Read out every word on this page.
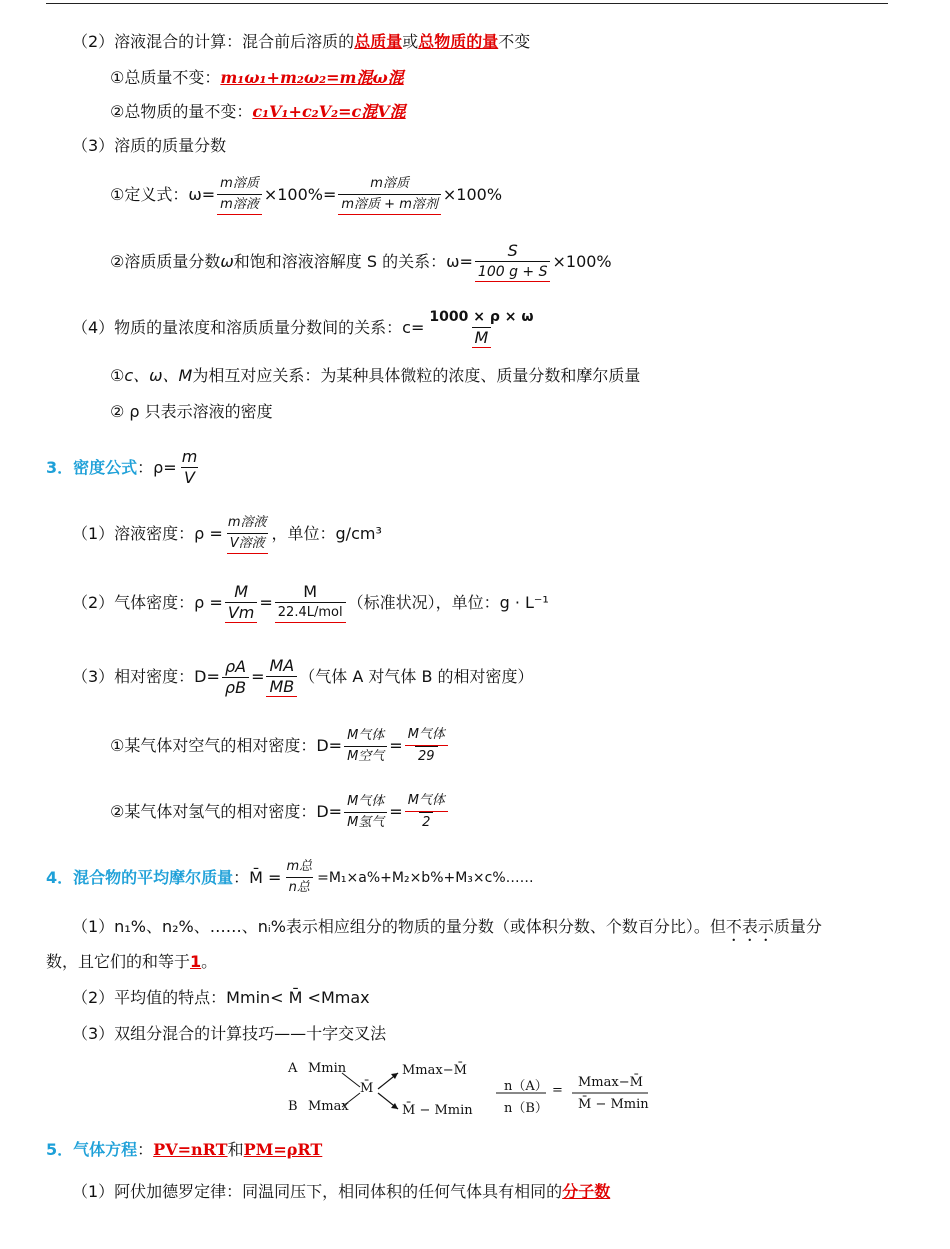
（2）溶液混合的计算：混合前后溶质的总质量或总物质的量不变
①总质量不变：m₁ω₁+m₂ω₂=m混ω混
②总物质的量不变：c₁V₁+c₂V₂=c混V混
（3）溶质的质量分数
①定义式：$\omega= \frac{\text{m溶质}}{\text{m溶液}} \times 100\%= \frac{\text{m溶质}}{\text{m溶质 + m溶剂}} \times 100\%$
②溶质质量分数 ω 和饱和溶液溶解度 S 的关系：$\omega= \frac{S}{100 g + S} \times 100\%$
（4）物质的量浓度和溶质质量分数间的关系：$c= \frac{1000 \times \rho \times \omega}{M}$
①c、ω、M为相互对应关系：为某种具体微粒的浓度、质量分数和摩尔质量
② ρ 只表示溶液的密度
3．密度公式 ：$\rho= \frac{m}{V}$
（1）溶液密度：$\rho = \frac{\text{m溶液}}{\text{V溶液}}$ ，单位：g/cm³
（2）气体密度：$\rho = \frac{M}{Vm} = \frac{M}{\text{22.4L/mol}}$ （标准状况），单位：g · L⁻¹
（3）相对密度：$D= \frac{\rho A}{\rho B} = \frac{MA}{MB}$ （气体 A 对气体 B 的相对密度）
①某气体对空气的相对密度：$D= \frac{\text{M气体}}{\text{M空气}} = \frac{\text{M气体}}{29}$
②某气体对氢气的相对密度：$D= \frac{\text{M气体}}{\text{M氢气}} = \frac{\text{M气体}}{2}$
4．混合物的平均摩尔质量 ：M̄ = $\frac{\text{m总}}{\text{n总}}$ =M₁×a%+M₂×b%+M₃×c%……
（1）n₁%、n₂%、……、nᵢ%表示相应组分的物质的量分数（或体积分数、个数百分比）。但不表示质量分
数，且它们的和等于1。
（2）平均值的特点：Mmin< M̄ <Mmax
（3）双组分混合的计算技巧——十字交叉法
A Mmin
B Mmax
M̄
Mmax−M̄
M̄ − Mmin
n（A）
n（B）
=
Mmax−M̄
M̄ − Mmin
5．气体方程：PV=nRT和PM=ρRT
（1）阿伏加德罗定律：同温同压下，相同体积的任何气体具有相同的分子数
